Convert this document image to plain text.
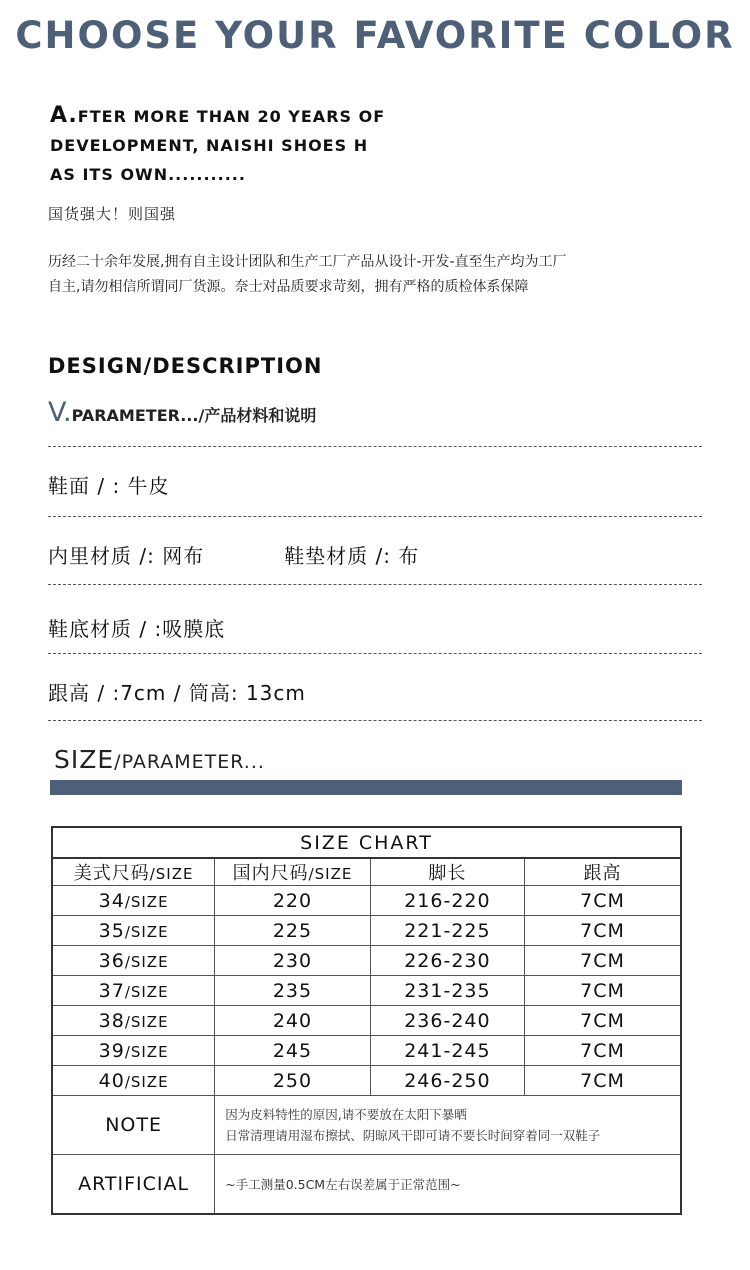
CHOOSE YOUR FAVORITE COLOR
A.FTER MORE THAN 20 YEARS OF
DEVELOPMENT, NAISHI SHOES H
AS ITS OWN...........
国货强大！则国强
历经二十余年发展,拥有自主设计团队和生产工厂产品从设计-开发-直至生产均为工厂
自主,请勿相信所谓同厂货源。奈士对品质要求苛刻，拥有严格的质检体系保障
DESIGN/DESCRIPTION
V.PARAMETER.../产品材料和说明
鞋面 / : 牛皮
内里材质 /: 网布	鞋垫材质 /: 布
鞋底材质 / :吸膜底
跟高 / :7cm / 筒高: 13cm
SIZE/PARAMETER...
SIZE CHART			
美式尺码/SIZE	国内尺码/SIZE	脚长	跟高
34/SIZE	220	216-220	7CM
35/SIZE	225	221-225	7CM
36/SIZE	230	226-230	7CM
37/SIZE	235	231-235	7CM
38/SIZE	240	236-240	7CM
39/SIZE	245	241-245	7CM
40/SIZE	250	246-250	7CM
NOTE	因为皮料特性的原因,请不要放在太阳下暴晒
日常清理请用湿布擦拭、阴晾风干即可请不要长时间穿着同一双鞋子		

ARTIFICIAL	~手工测量0.5CM左右误差属于正常范围~		
